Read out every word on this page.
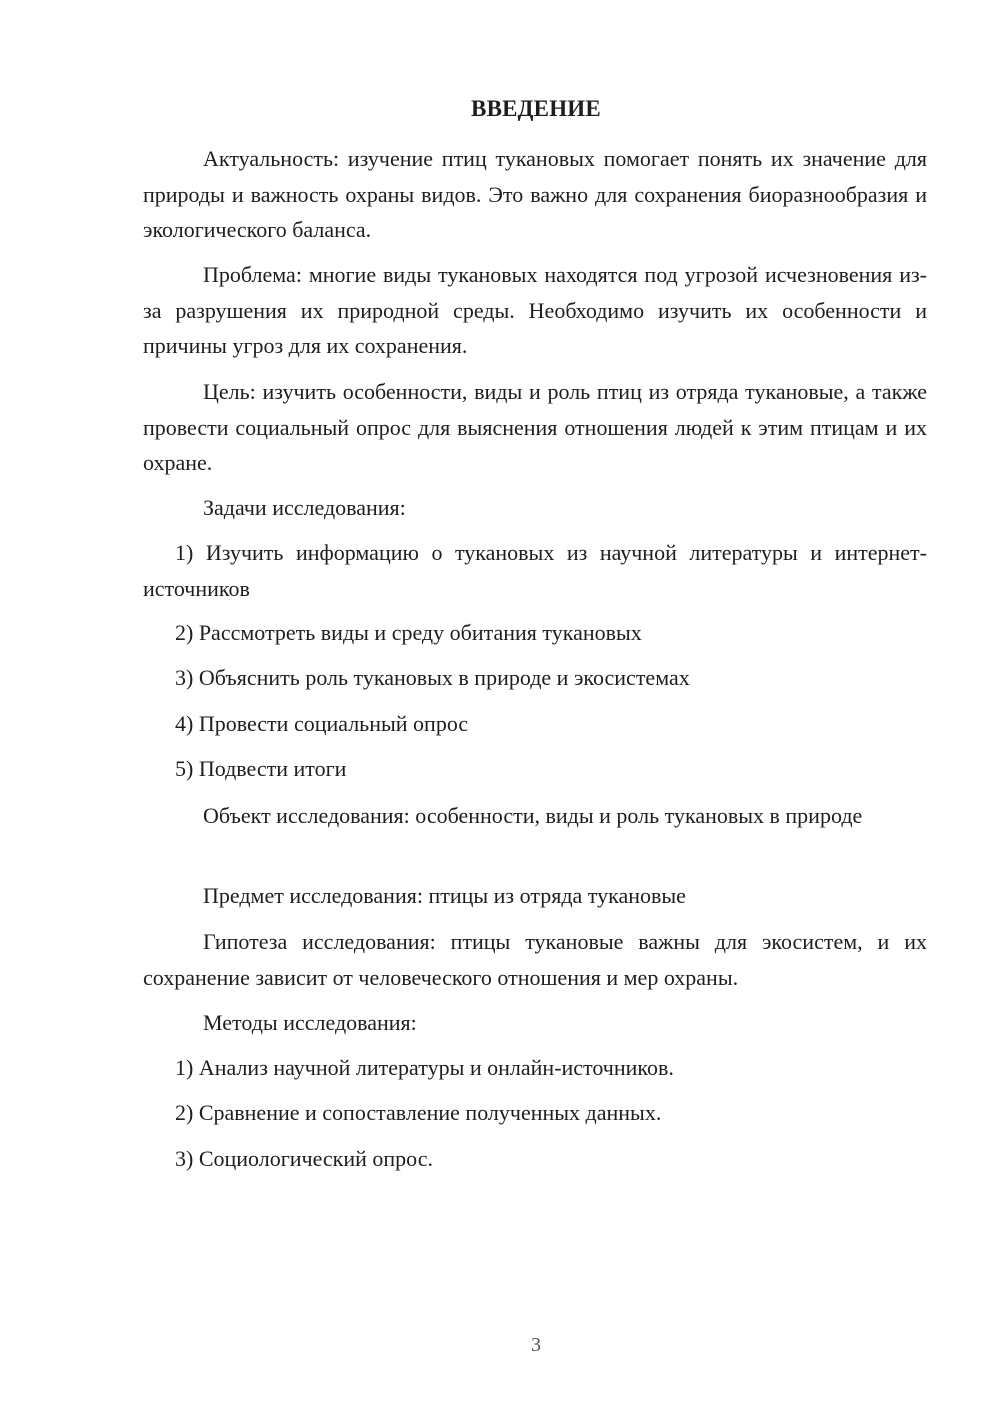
ВВЕДЕНИЕ

Актуальность: изучение птиц тукановых помогает понять их значение для природы и важность охраны видов. Это важно для сохранения биоразнообразия и экологического баланса.

Проблема: многие виды тукановых находятся под угрозой исчезновения из-за разрушения их природной среды. Необходимо изучить их особенности и причины угроз для их сохранения.

Цель: изучить особенности, виды и роль птиц из отряда тукановые, а также провести социальный опрос для выяснения отношения людей к этим птицам и их охране.

Задачи исследования:

1) Изучить информацию о тукановых из научной литературы и интернет-источников

2) Рассмотреть виды и среду обитания тукановых

3) Объяснить роль тукановых в природе и экосистемах

4) Провести социальный опрос

5) Подвести итоги

Объект исследования: особенности, виды и роль тукановых в природе

Предмет исследования: птицы из отряда тукановые

Гипотеза исследования: птицы тукановые важны для экосистем, и их сохранение зависит от человеческого отношения и мер охраны.

Методы исследования:

1) Анализ научной литературы и онлайн-источников.

2) Сравнение и сопоставление полученных данных.

3) Социологический опрос.

3
